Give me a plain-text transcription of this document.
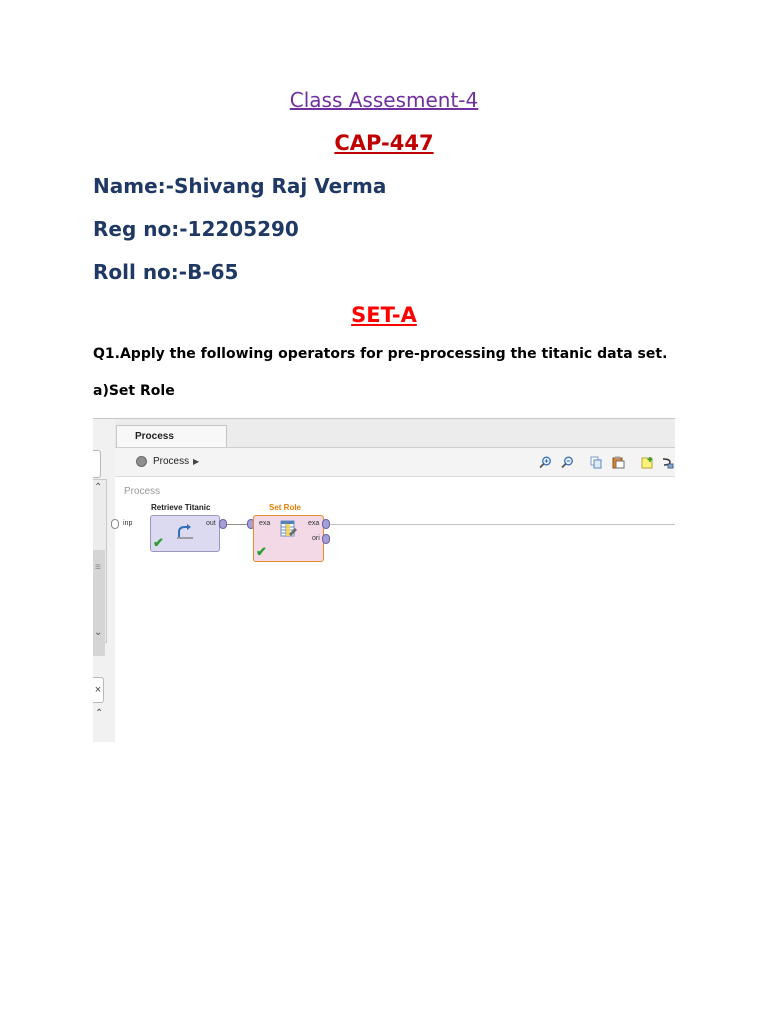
Class Assesment-4
CAP-447
Name:-Shivang Raj Verma
Reg no:-12205290
Roll no:-B-65
SET-A
Q1.Apply the following operators for pre-processing the titanic data set.
a)Set Role
⌃
⌄
≡
×
⌃
Process
Process ▶
Process
inp
Retrieve Titanic
out
✔
Set Role
exa	exa
ori
✔
